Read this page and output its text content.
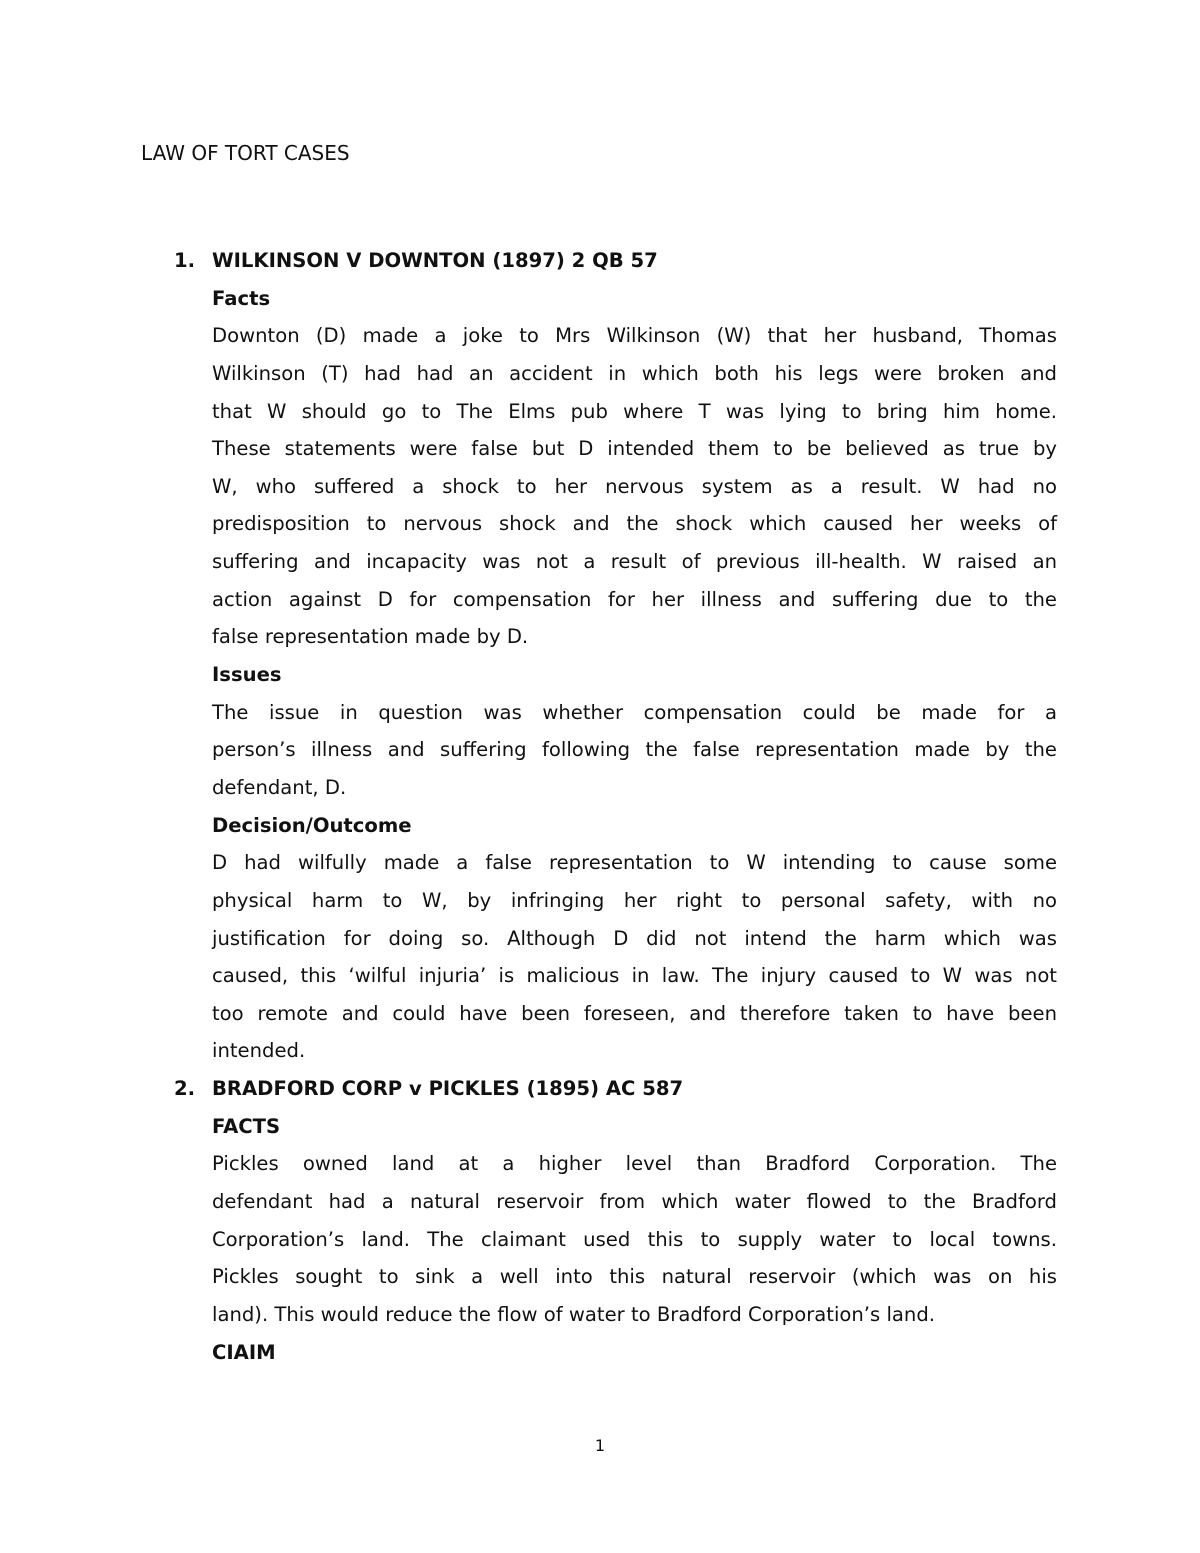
LAW OF TORT CASES
1. WILKINSON V DOWNTON (1897) 2 QB 57
Facts
Downton (D) made a joke to Mrs Wilkinson (W) that her husband, Thomas
Wilkinson (T) had had an accident in which both his legs were broken and
that W should go to The Elms pub where T was lying to bring him home.
These statements were false but D intended them to be believed as true by
W, who suffered a shock to her nervous system as a result. W had no
predisposition to nervous shock and the shock which caused her weeks of
suffering and incapacity was not a result of previous ill-health. W raised an
action against D for compensation for her illness and suffering due to the
false representation made by D.
Issues
The issue in question was whether compensation could be made for a
person’s illness and suffering following the false representation made by the
defendant, D.
Decision/Outcome
D had wilfully made a false representation to W intending to cause some
physical harm to W, by infringing her right to personal safety, with no
justification for doing so. Although D did not intend the harm which was
caused, this ‘wilful injuria’ is malicious in law. The injury caused to W was not
too remote and could have been foreseen, and therefore taken to have been
intended.
2. BRADFORD CORP v PICKLES (1895) AC 587
FACTS
Pickles owned land at a higher level than Bradford Corporation. The
defendant had a natural reservoir from which water flowed to the Bradford
Corporation’s land. The claimant used this to supply water to local towns.
Pickles sought to sink a well into this natural reservoir (which was on his
land). This would reduce the flow of water to Bradford Corporation’s land.
CIAIM
1
